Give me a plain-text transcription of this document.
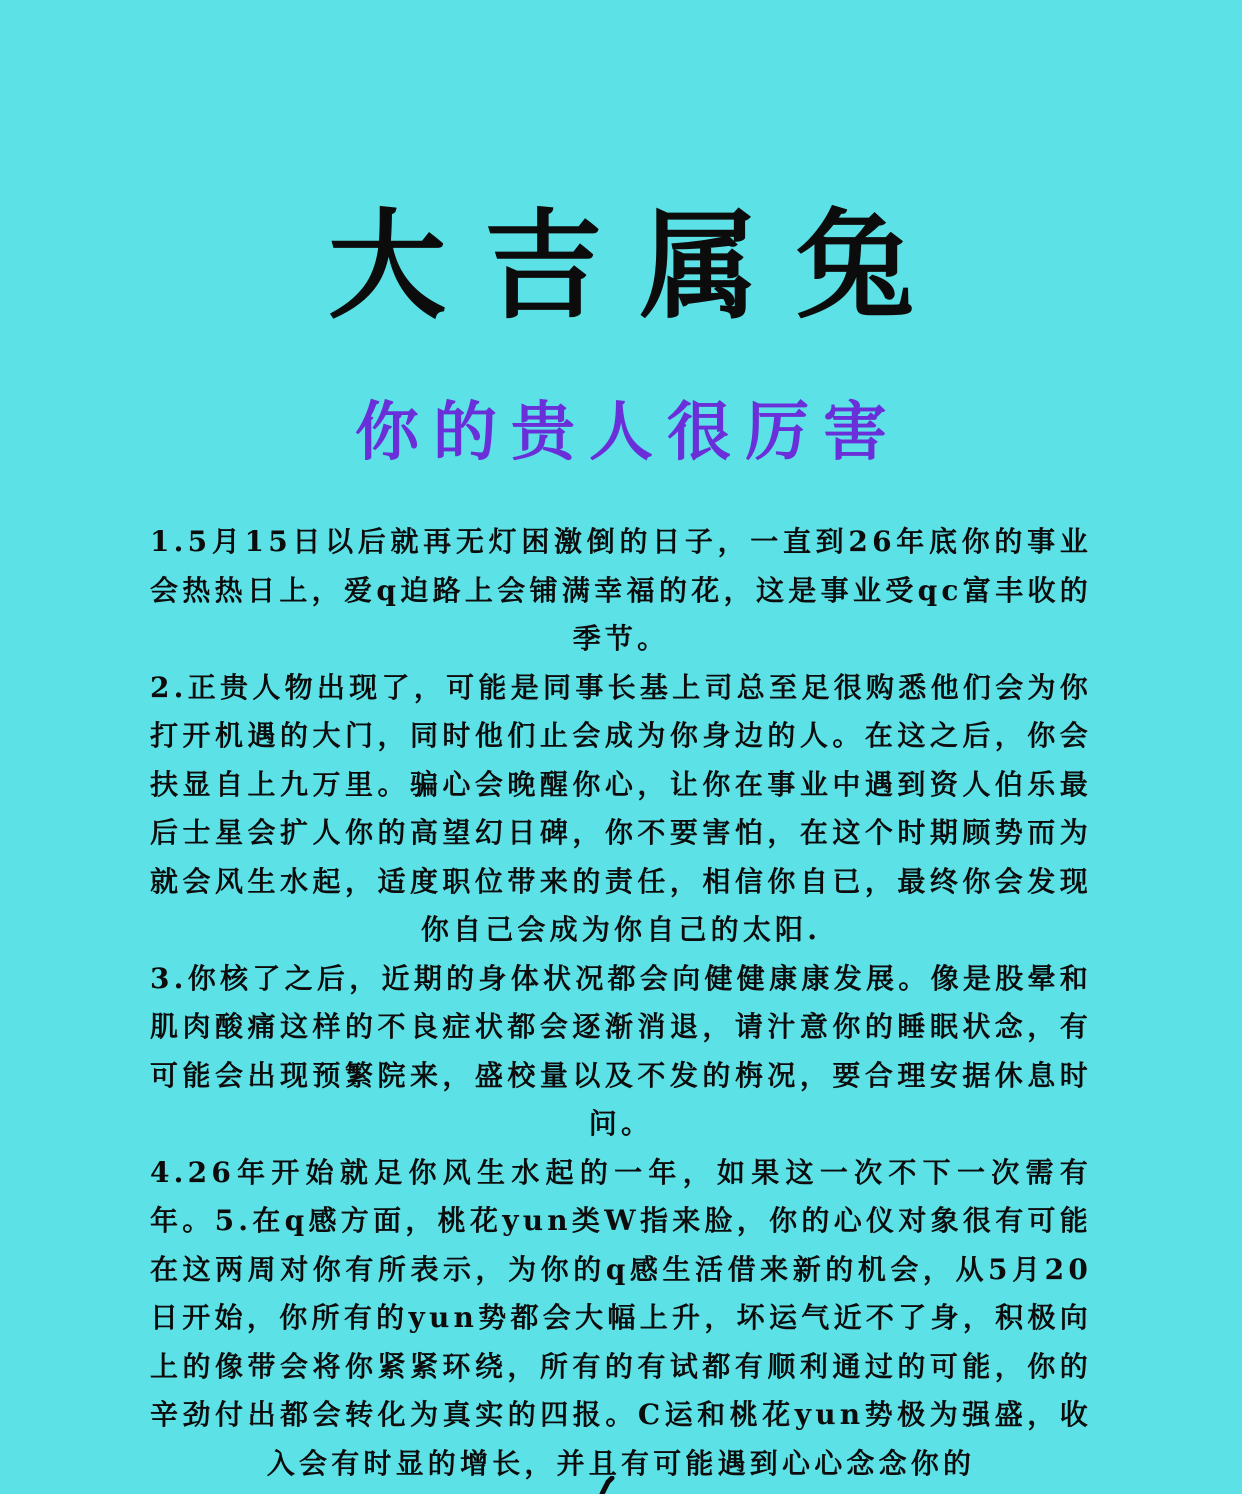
大吉属兔
你的贵人很厉害

1.5月15日以后就再无灯困激倒的日子，一直到26年底你的事业会热热日上，爱q迫路上会铺满幸福的花，这是事业受qc富丰收的季节。

2.正贵人物出现了，可能是同事长基上司总至足很购悉他们会为你打开机遇的大门，同时他们止会成为你身边的人。在这之后，你会扶显自上九万里。骗心会晚醒你心，让你在事业中遇到资人伯乐最后士星会扩人你的高望幻日碑，你不要害怕，在这个时期顾势而为就会风生水起，适度职位带来的责任，相信你自已，最终你会发现你自己会成为你自己的太阳.

3.你核了之后，近期的身体状况都会向健健康康发展。像是股晕和肌肉酸痛这样的不良症状都会逐渐消退，请汁意你的睡眠状念，有可能会出现预繁院来，盛校量以及不发的栴况，要合理安据休息时问。

4.26年开始就足你风生水起的一年，如果这一次不下一次需有年。5.在q感方面，桃花yun类W指来脸，你的心仪对象很有可能在这两周对你有所表示，为你的q感生活借来新的机会，从5月20日开始，你所有的yun势都会大幅上升，坏运气近不了身，积极向上的像带会将你紧紧环绕，所有的有试都有顺利通过的可能，你的辛劲付出都会转化为真实的四报。C运和桃花yun势极为强盛，收入会有时显的增长，并且有可能遇到心心念念你的
